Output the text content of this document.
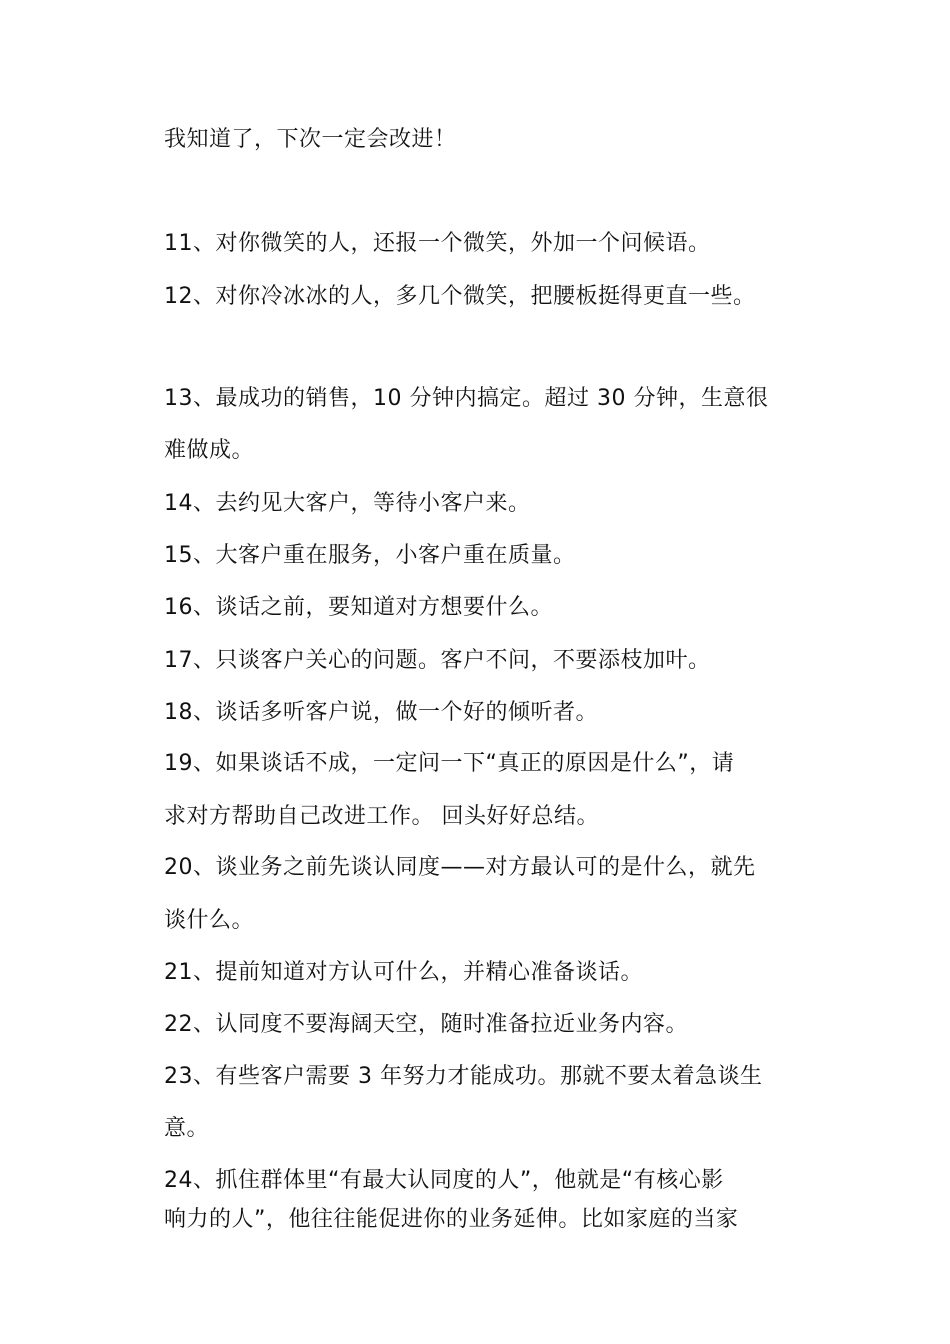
我知道了，下次一定会改进！
11、对你微笑的人，还报一个微笑，外加一个问候语。
12、对你冷冰冰的人，多几个微笑，把腰板挺得更直一些。
13、最成功的销售，10 分钟内搞定。超过 30 分钟，生意很
难做成。
14、去约见大客户，等待小客户来。
15、大客户重在服务，小客户重在质量。
16、谈话之前，要知道对方想要什么。
17、只谈客户关心的问题。客户不问，不要添枝加叶。
18、谈话多听客户说，做一个好的倾听者。
19、如果谈话不成，一定问一下“真正的原因是什么”，请
求对方帮助自己改进工作。 回头好好总结。
20、谈业务之前先谈认同度——对方最认可的是什么，就先
谈什么。
21、提前知道对方认可什么，并精心准备谈话。
22、认同度不要海阔天空，随时准备拉近业务内容。
23、有些客户需要 3 年努力才能成功。那就不要太着急谈生
意。
24、抓住群体里“有最大认同度的人”，他就是“有核心影
响力的人”，他往往能促进你的业务延伸。比如家庭的当家
